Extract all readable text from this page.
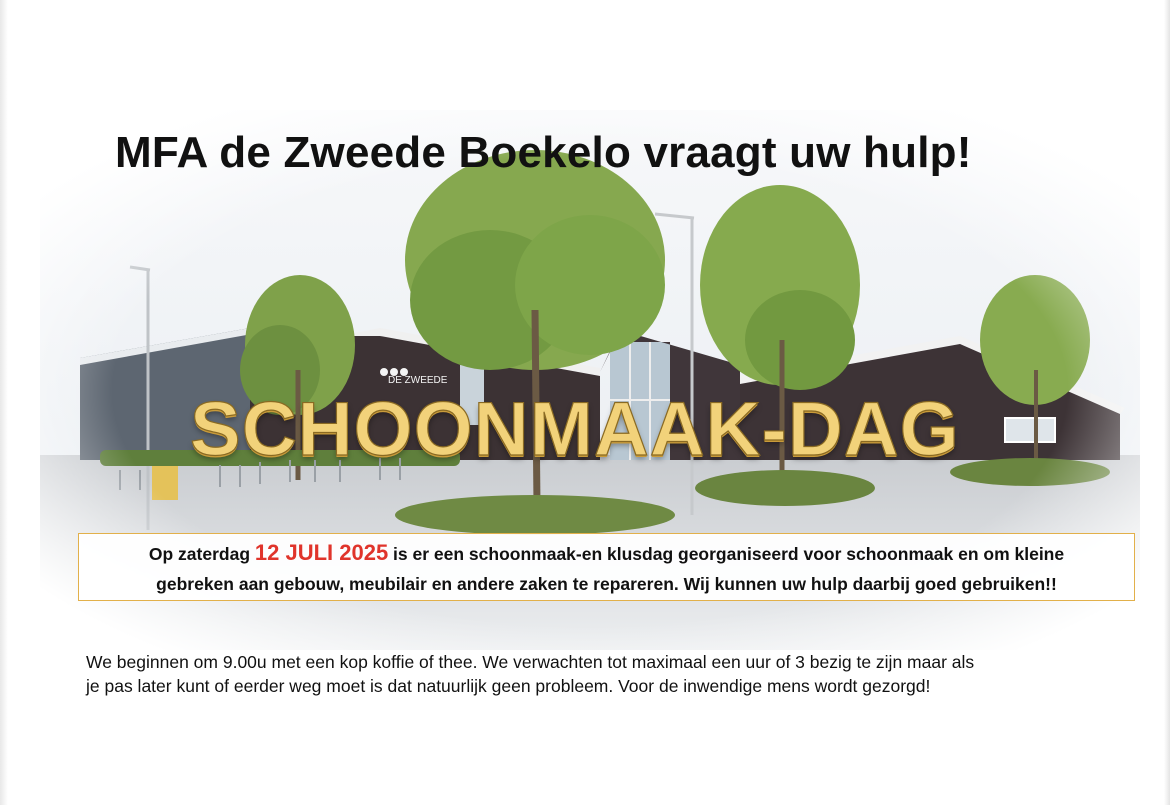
MFA de Zweede Boekelo vraagt uw hulp!
SCHOONMAAK-DAG
Op zaterdag 12 JULI 2025 is er een schoonmaak-en klusdag georganiseerd voor schoonmaak en om kleine
gebreken aan gebouw, meubilair en andere zaken te repareren. Wij kunnen uw hulp daarbij goed gebruiken!!
We beginnen om 9.00u met een kop koffie of thee. We verwachten tot maximaal een uur of 3 bezig te zijn maar als
je pas later kunt of eerder weg moet is dat natuurlijk geen probleem. Voor de inwendige mens wordt gezorgd!
